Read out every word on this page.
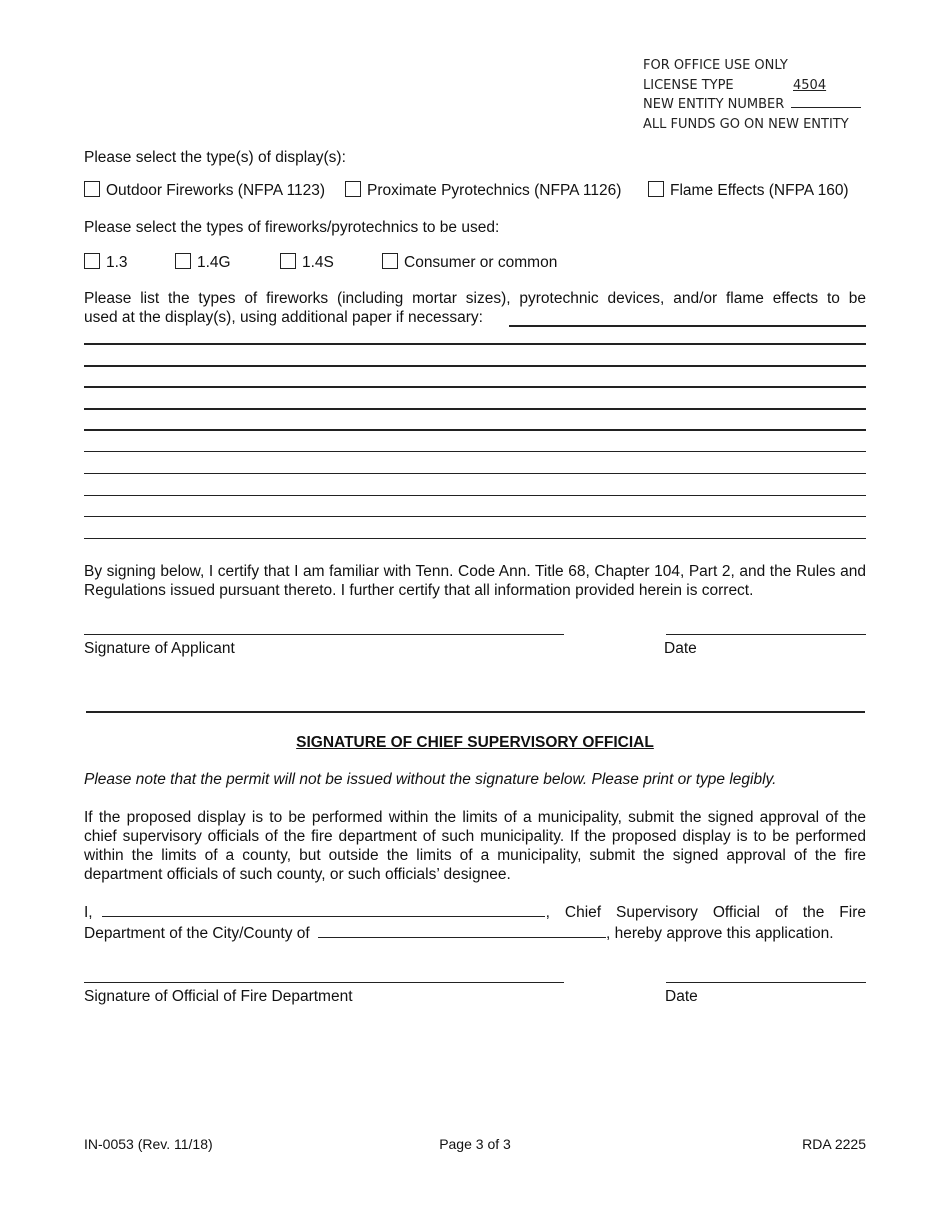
FOR OFFICE USE ONLY
LICENSE TYPE	4504
NEW ENTITY NUMBER
ALL FUNDS GO ON NEW ENTITY
Please select the type(s) of display(s):
Outdoor Fireworks (NFPA 1123)	Proximate Pyrotechnics (NFPA 1126)	Flame Effects (NFPA 160)
Please select the types of fireworks/pyrotechnics to be used:
1.3	1.4G	1.4S	Consumer or common
Please list the types of fireworks (including mortar sizes), pyrotechnic devices, and/or flame effects to be
used at the display(s), using additional paper if necessary:
By signing below, I certify that I am familiar with Tenn. Code Ann. Title 68, Chapter 104, Part 2, and the Rules and Regulations issued pursuant thereto. I further certify that all information provided herein is correct.
Signature of Applicant	Date
SIGNATURE OF CHIEF SUPERVISORY OFFICIAL
Please note that the permit will not be issued without the signature below. Please print or type legibly.
If the proposed display is to be performed within the limits of a municipality, submit the signed approval of the chief supervisory officials of the fire department of such municipality. If the proposed display is to be performed within the limits of a county, but outside the limits of a municipality, submit the signed approval of the fire department officials of such county, or such officials’ designee.
I,	, Chief Supervisory Official of the Fire
Department of the City/County of	, hereby approve this application.
Signature of Official of Fire Department	Date
IN-0053 (Rev. 11/18)	Page 3 of 3	RDA 2225
